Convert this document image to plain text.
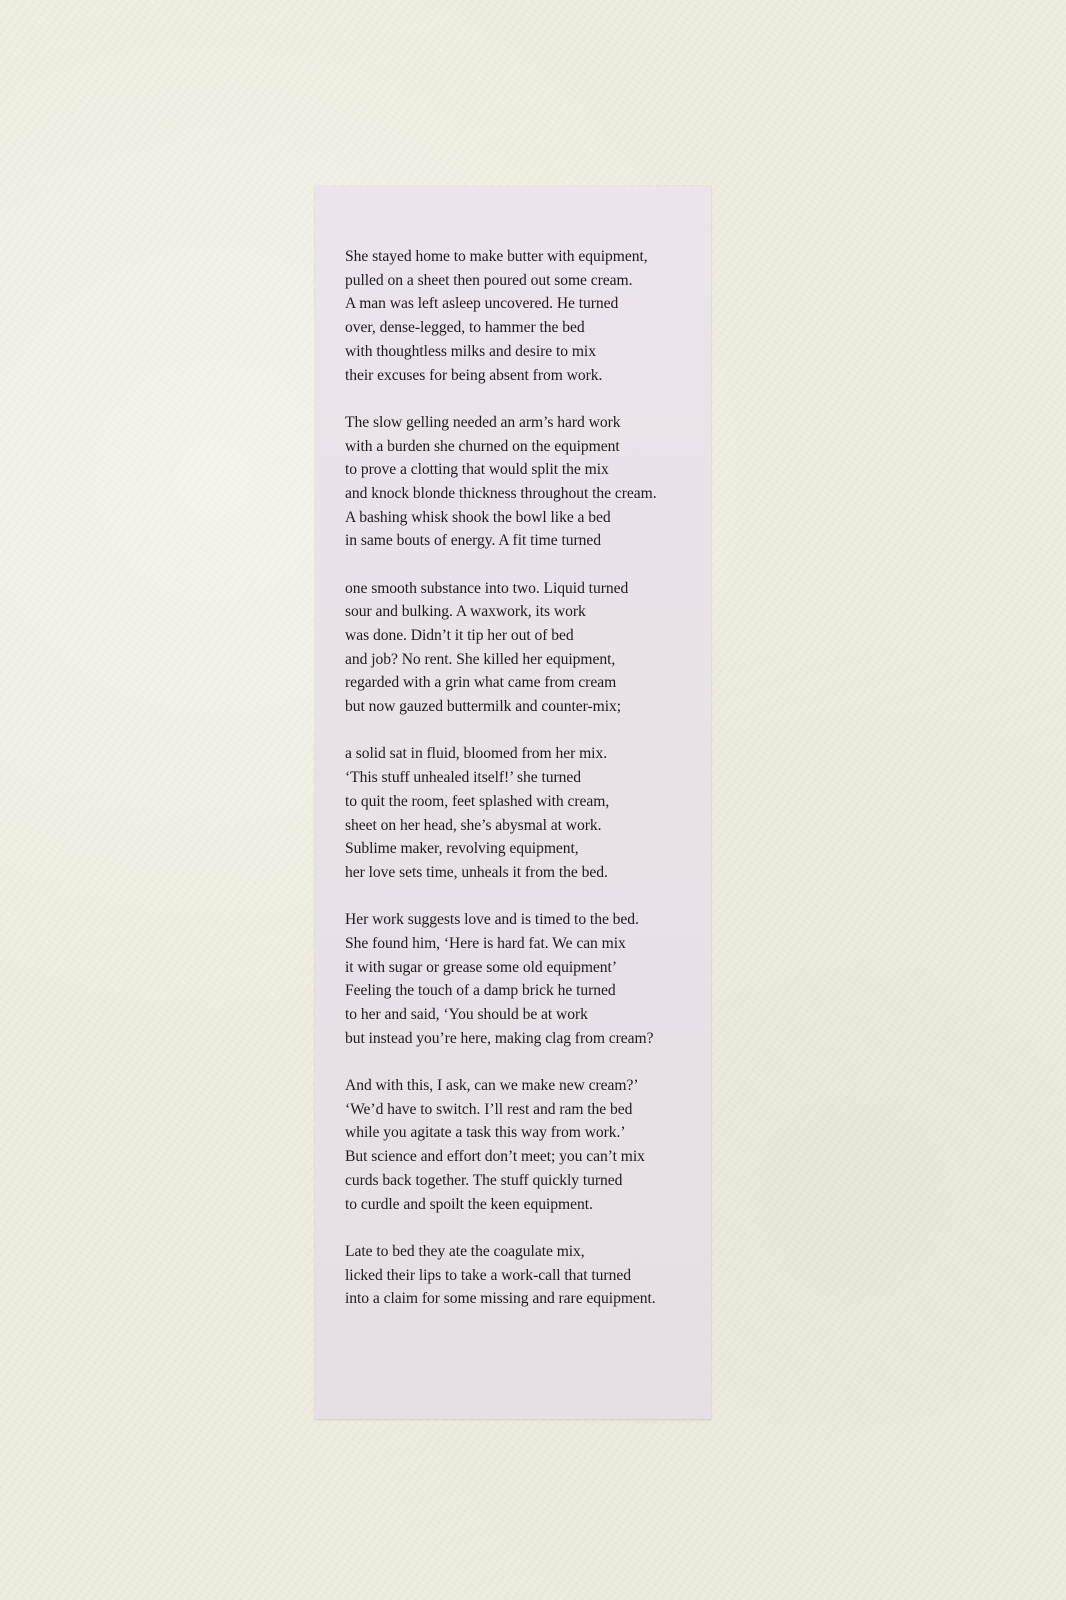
She stayed home to make butter with equipment,
pulled on a sheet then poured out some cream.
A man was left asleep uncovered. He turned
over, dense-legged, to hammer the bed
with thoughtless milks and desire to mix
their excuses for being absent from work.
The slow gelling needed an arm’s hard work
with a burden she churned on the equipment
to prove a clotting that would split the mix
and knock blonde thickness throughout the cream.
A bashing whisk shook the bowl like a bed
in same bouts of energy. A fit time turned
one smooth substance into two. Liquid turned
sour and bulking. A waxwork, its work
was done. Didn’t it tip her out of bed
and job? No rent. She killed her equipment,
regarded with a grin what came from cream
but now gauzed buttermilk and counter-mix;
a solid sat in fluid, bloomed from her mix.
‘This stuff unhealed itself!’ she turned
to quit the room, feet splashed with cream,
sheet on her head, she’s abysmal at work.
Sublime maker, revolving equipment,
her love sets time, unheals it from the bed.
Her work suggests love and is timed to the bed.
She found him, ‘Here is hard fat. We can mix
it with sugar or grease some old equipment’
Feeling the touch of a damp brick he turned
to her and said, ‘You should be at work
but instead you’re here, making clag from cream?
And with this, I ask, can we make new cream?’
‘We’d have to switch. I’ll rest and ram the bed
while you agitate a task this way from work.’
But science and effort don’t meet; you can’t mix
curds back together. The stuff quickly turned
to curdle and spoilt the keen equipment.
Late to bed they ate the coagulate mix,
licked their lips to take a work-call that turned
into a claim for some missing and rare equipment.
